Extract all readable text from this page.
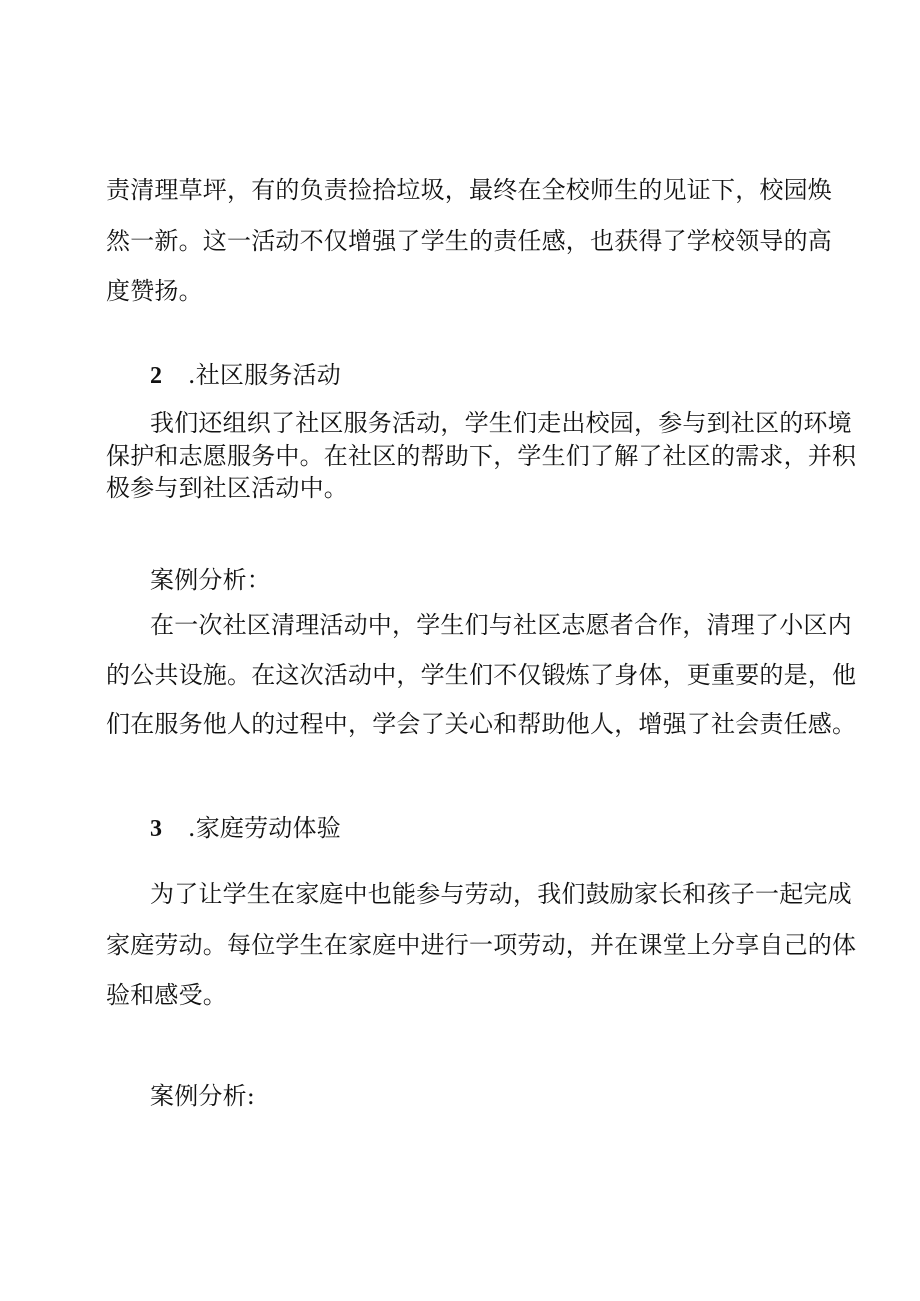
责清理草坪，有的负责捡拾垃圾，最终在全校师生的见证下，校园焕
然一新。这一活动不仅增强了学生的责任感，也获得了学校领导的高
度赞扬。
2 .社区服务活动
我们还组织了社区服务活动，学生们走出校园，参与到社区的环境
保护和志愿服务中。在社区的帮助下，学生们了解了社区的需求，并积
极参与到社区活动中。
案例分析：
在一次社区清理活动中，学生们与社区志愿者合作，清理了小区内
的公共设施。在这次活动中，学生们不仅锻炼了身体，更重要的是，他
们在服务他人的过程中，学会了关心和帮助他人，增强了社会责任感。
3 .家庭劳动体验
为了让学生在家庭中也能参与劳动，我们鼓励家长和孩子一起完成
家庭劳动。每位学生在家庭中进行一项劳动，并在课堂上分享自己的体
验和感受。
案例分析:
